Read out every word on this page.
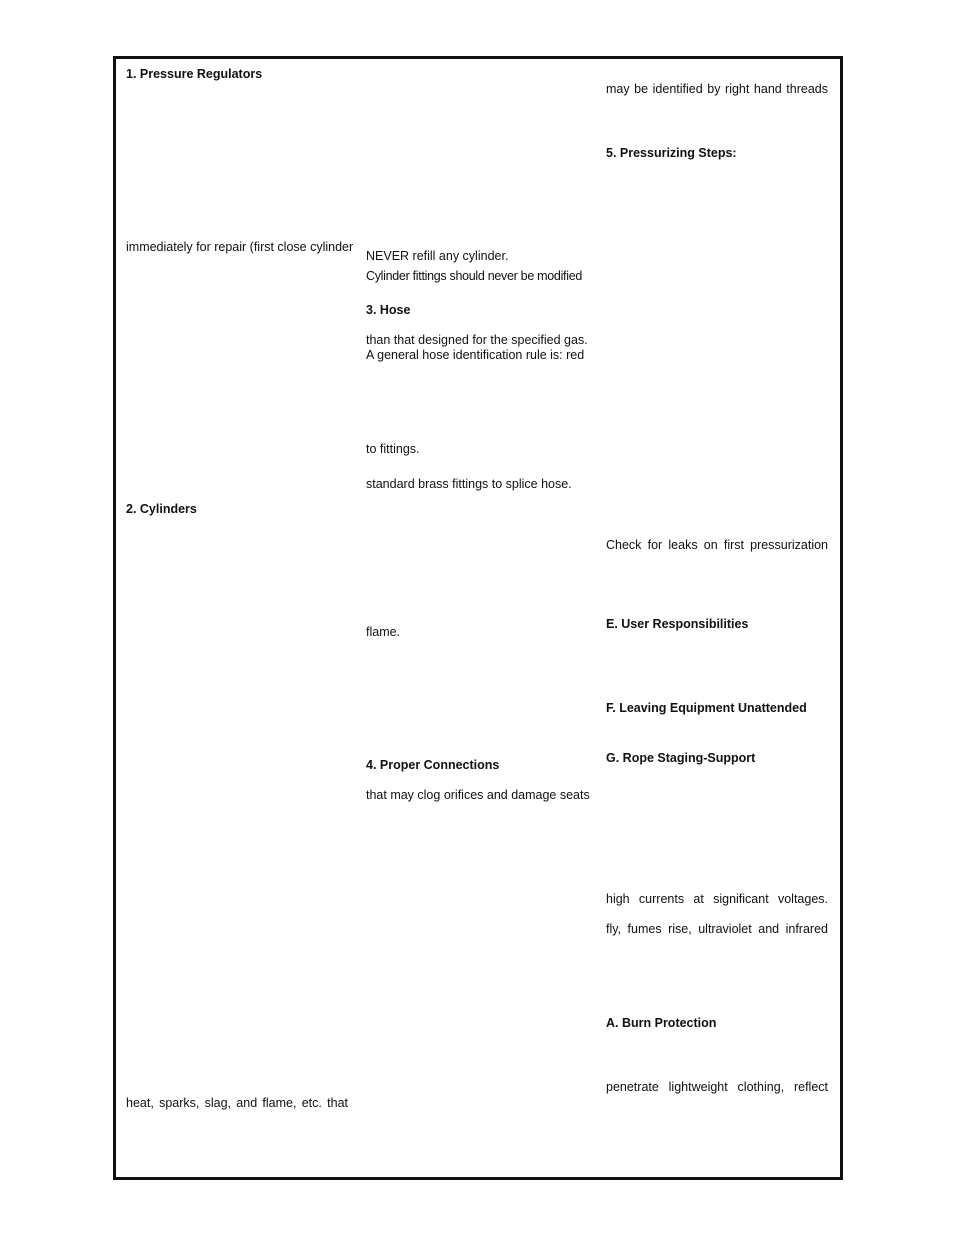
1. Pressure Regulators
immediately for repair (first close cylinder
2. Cylinders
heat, sparks, slag, and flame, etc. that
NEVER refill any cylinder.
Cylinder fittings should never be modified
3. Hose
than that designed for the specified gas.
A general hose identification rule is: red
to fittings.
standard brass fittings to splice hose.
flame.
4. Proper Connections
that may clog orifices and damage seats
may be identified by right hand threads
5. Pressurizing Steps:
Check for leaks on first pressurization
E. User Responsibilities
F. Leaving Equipment Unattended
G. Rope Staging-Support
high currents at significant voltages.
fly, fumes rise, ultraviolet and infrared
A. Burn Protection
penetrate lightweight clothing, reflect
